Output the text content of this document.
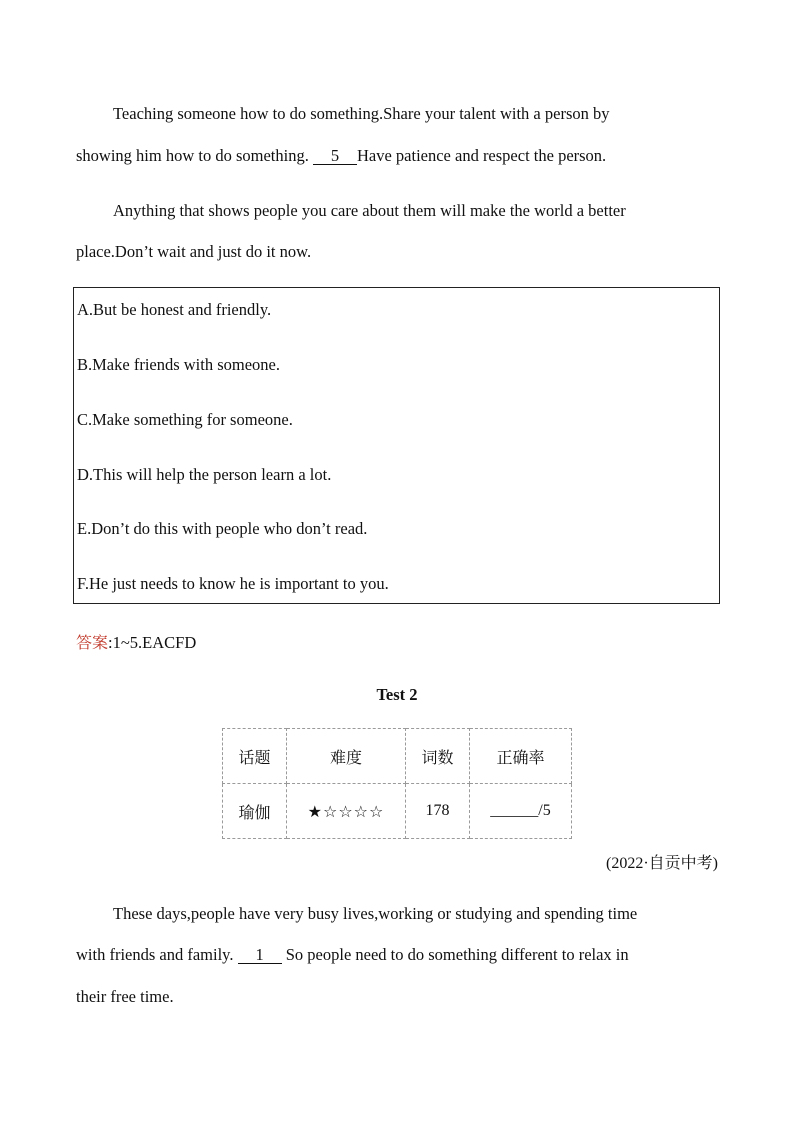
Teaching someone how to do something.Share your talent with a person by
showing him how to do something. 5 Have patience and respect the person.
Anything that shows people you care about them will make the world a better
place.Don’t wait and just do it now.
A.But be honest and friendly.
B.Make friends with someone.
C.Make something for someone.
D.This will help the person learn a lot.
E.Don’t do this with people who don’t read.
F.He just needs to know he is important to you.
答案:1~5.EACFD
Test 2
话题	难度	词数	正确率
瑜伽	★☆☆☆☆	178	______/5
(2022·自贡中考)
These days,people have very busy lives,working or studying and spending time
with friends and family. 1 So people need to do something different to relax in
their free time.
